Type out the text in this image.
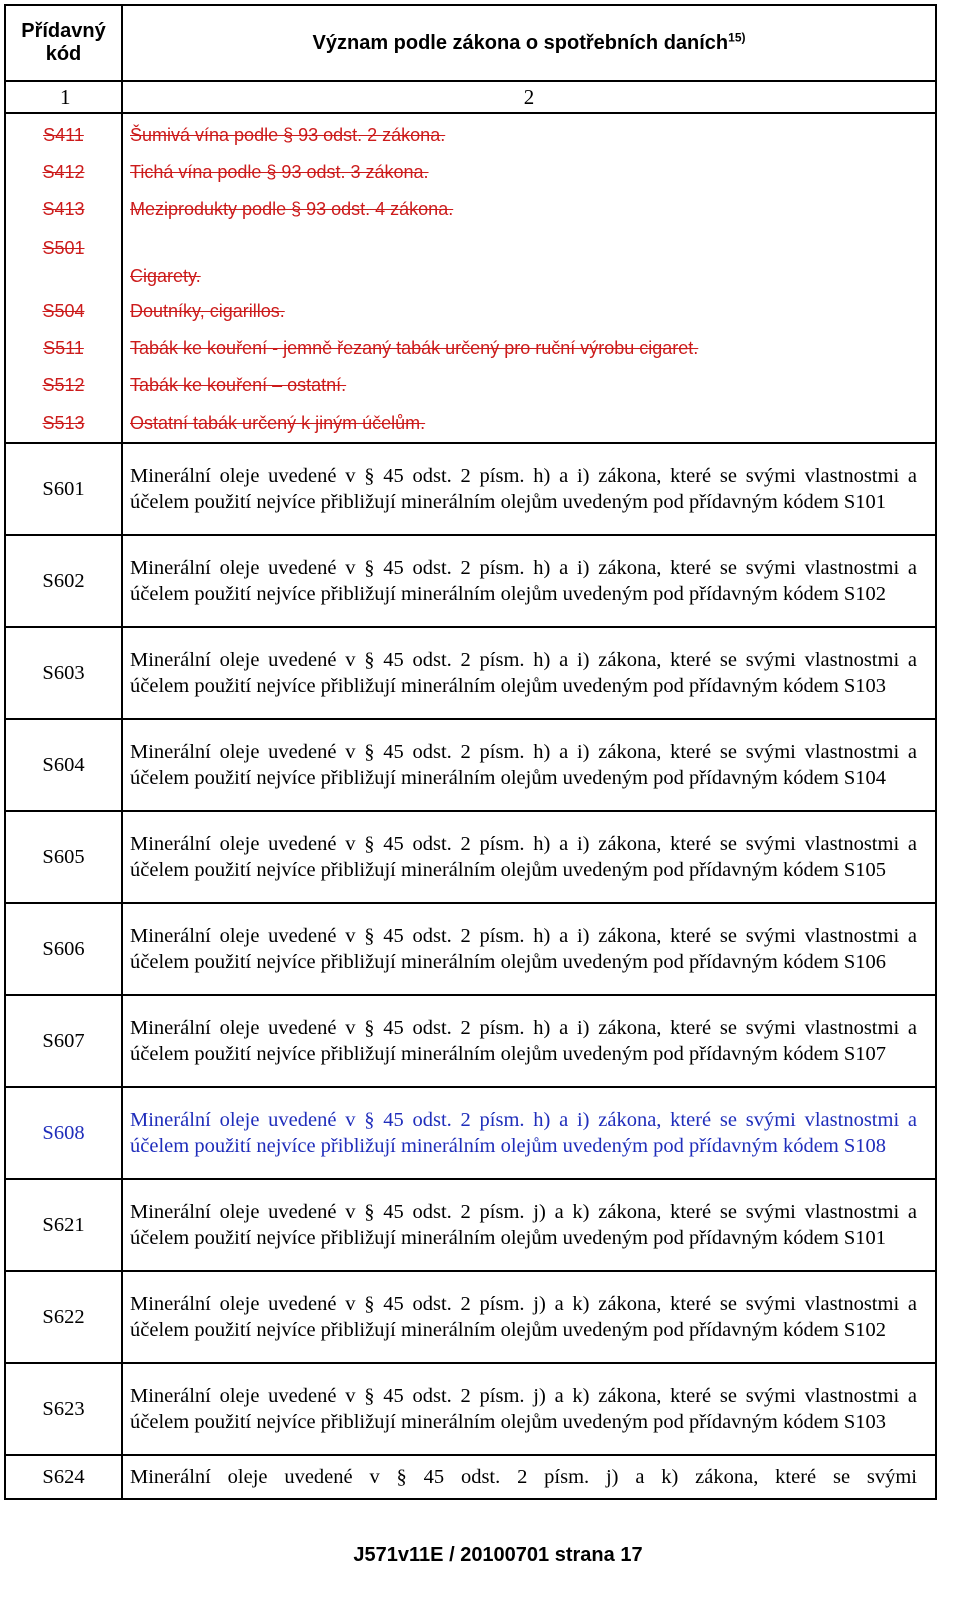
Přídavný
kód	Význam podle zákona o spotřebních daních$^{15)}$
1	2
S411	Šumivá vína podle § 93 odst. 2 zákona.
S412	Tichá vína podle § 93 odst. 3 zákona.
S413	Meziprodukty podle § 93 odst. 4 zákona.
S501	Cigarety.
S504	Doutníky, cigarillos.
S511	Tabák ke kouření - jemně řezaný tabák určený pro ruční výrobu cigaret.
S512	Tabák ke kouření – ostatní.
S513	Ostatní tabák určený k jiným účelům.
S601	Minerální oleje uvedené v § 45 odst. 2 písm. h) a i) zákona, které se svými vlastnostmi a účelem použití nejvíce přibližují minerálním olejům uvedeným pod přídavným kódem S101
S602	Minerální oleje uvedené v § 45 odst. 2 písm. h) a i) zákona, které se svými vlastnostmi a účelem použití nejvíce přibližují minerálním olejům uvedeným pod přídavným kódem S102
S603	Minerální oleje uvedené v § 45 odst. 2 písm. h) a i) zákona, které se svými vlastnostmi a účelem použití nejvíce přibližují minerálním olejům uvedeným pod přídavným kódem S103
S604	Minerální oleje uvedené v § 45 odst. 2 písm. h) a i) zákona, které se svými vlastnostmi a účelem použití nejvíce přibližují minerálním olejům uvedeným pod přídavným kódem S104
S605	Minerální oleje uvedené v § 45 odst. 2 písm. h) a i) zákona, které se svými vlastnostmi a účelem použití nejvíce přibližují minerálním olejům uvedeným pod přídavným kódem S105
S606	Minerální oleje uvedené v § 45 odst. 2 písm. h) a i) zákona, které se svými vlastnostmi a účelem použití nejvíce přibližují minerálním olejům uvedeným pod přídavným kódem S106
S607	Minerální oleje uvedené v § 45 odst. 2 písm. h) a i) zákona, které se svými vlastnostmi a účelem použití nejvíce přibližují minerálním olejům uvedeným pod přídavným kódem S107
S608	Minerální oleje uvedené v § 45 odst. 2 písm. h) a i) zákona, které se svými vlastnostmi a účelem použití nejvíce přibližují minerálním olejům uvedeným pod přídavným kódem S108
S621	Minerální oleje uvedené v § 45 odst. 2 písm. j) a k) zákona, které se svými vlastnostmi a účelem použití nejvíce přibližují minerálním olejům uvedeným pod přídavným kódem S101
S622	Minerální oleje uvedené v § 45 odst. 2 písm. j) a k) zákona, které se svými vlastnostmi a účelem použití nejvíce přibližují minerálním olejům uvedeným pod přídavným kódem S102
S623	Minerální oleje uvedené v § 45 odst. 2 písm. j) a k) zákona, které se svými vlastnostmi a účelem použití nejvíce přibližují minerálním olejům uvedeným pod přídavným kódem S103
S624	Minerální oleje uvedené v § 45 odst. 2 písm. j) a k) zákona, které se svými
J571v11E / 20100701 strana 17
